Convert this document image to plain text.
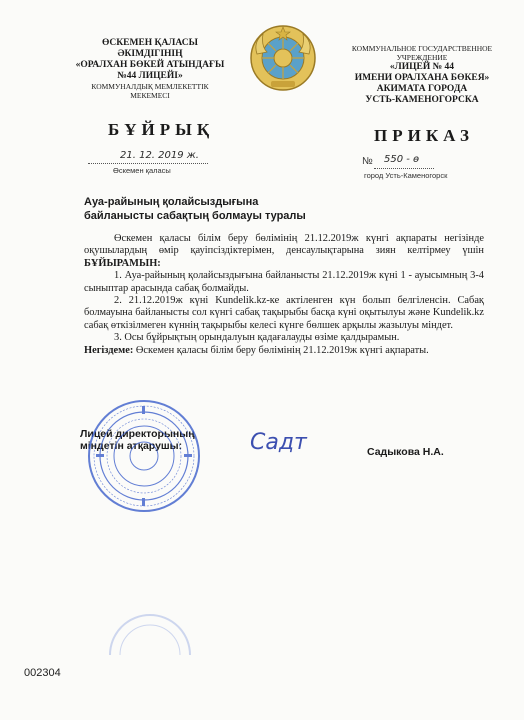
ӨСКЕМЕН ҚАЛАСЫ
ӘКІМДІГІНІҢ
«ОРАЛХАН БӨКЕЙ АТЫНДАҒЫ
№44 ЛИЦЕЙІ»
КОММУНАЛДЫҚ МЕМЛЕКЕТТІК
МЕКЕМЕСІ
КОММУНАЛЬНОЕ ГОСУДАРСТВЕННОЕ
УЧРЕЖДЕНИЕ
«ЛИЦЕЙ № 44
ИМЕНИ ОРАЛХАНА БӨКЕЯ»
АКИМАТА ГОРОДА
УСТЬ-КАМЕНОГОРСКА
БҰЙРЫҚ	ПРИКАЗ
21. 12. 2019 ж.
Өскемен қаласы
№ 550 - ө
город Усть-Каменогорск
Ауа-райының қолайсыздығына
байланысты сабақтың болмауы туралы

Өскемен қаласы білім беру бөлімінің 21.12.2019ж күнгі ақпараты негізінде оқушылардың өмір қауіпсіздіктерімен, денсаулықтарына зиян келтірмеу үшін БҰЙЫРАМЫН:

1. Ауа-райының қолайсыздығына байланысты 21.12.2019ж күні 1 - ауысымның 3-4 сыныптар арасында сабақ болмайды.

2. 21.12.2019ж күні Kundelik.kz-ке актіленген күн болып белгіленсін. Сабақ болмауына байланысты сол күнгі сабақ тақырыбы басқа күні оқытылуы және Kundelik.kz сабақ өткізілмеген күннің тақырыбы келесі күнге бөлшек арқылы жазылуы міндет.

3. Осы бұйрықтың орындалуын қадағалауды өзіме қалдырамын.

Негіздеме: Өскемен қаласы білім беру бөлімінің 21.12.2019ж күнгі ақпараты.

Лицей директорының
міндетін атқарушы:	Садт	Садыкова Н.А.
002304
